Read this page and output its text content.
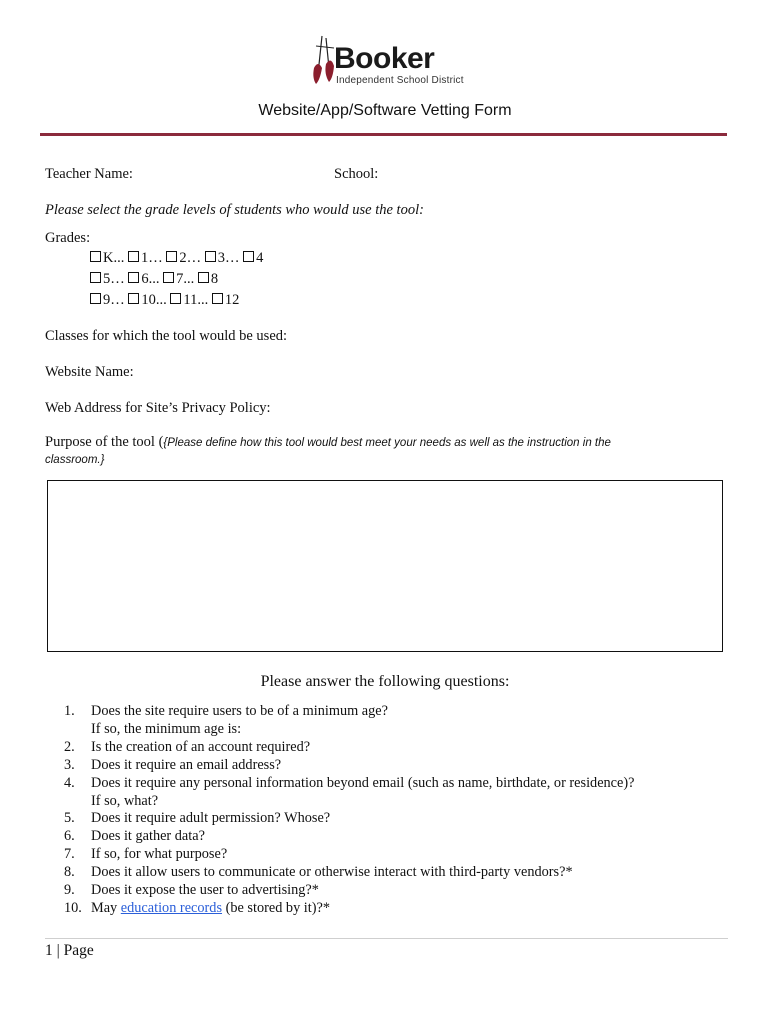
Booker
Independent School District
Website/App/Software Vetting Form
Teacher Name:	School:
Please select the grade levels of students who would use the tool:
Grades:
K... 1… 2… 3… 4
5… 6... 7... 8
9… 10... 11... 12
Classes for which the tool would be used:
Website Name:
Web Address for Site’s Privacy Policy:
Purpose of the tool ({Please define how this tool would best meet your needs as well as the instruction in the
classroom.}
Please answer the following questions:
1.	Does the site require users to be of a minimum age?
If so, the minimum age is:
2.	Is the creation of an account required?
3.	Does it require an email address?
4.	Does it require any personal information beyond email (such as name, birthdate, or residence)?
If so, what?
5.	Does it require adult permission? Whose?
6.	Does it gather data?
7.	If so, for what purpose?
8.	Does it allow users to communicate or otherwise interact with third-party vendors?*
9.	Does it expose the user to advertising?*
10. May education records (be stored by it)?*
1 | Page
